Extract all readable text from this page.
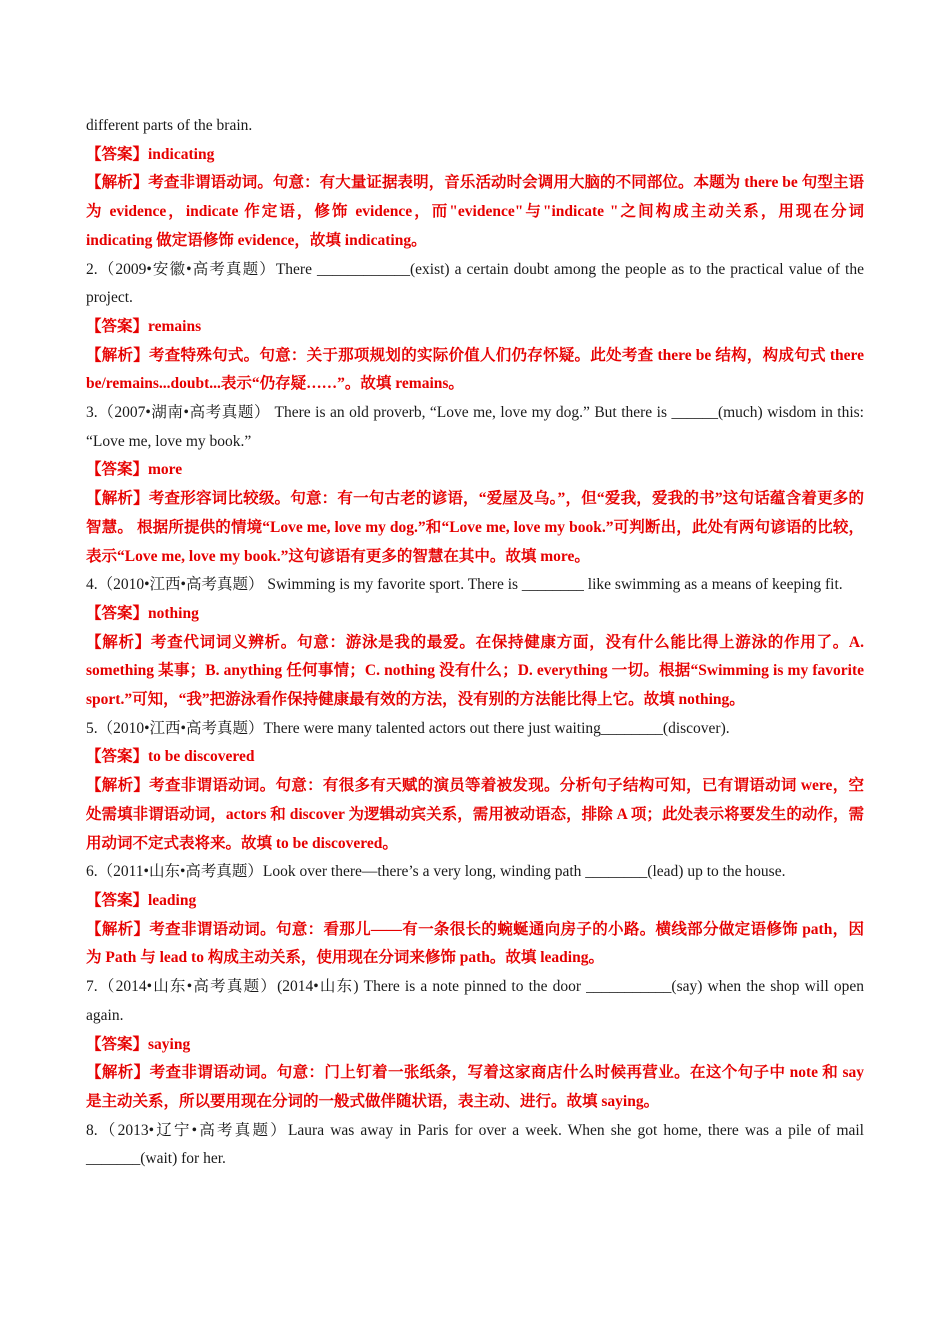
different parts of the brain.

【答案】indicating

【解析】考查非谓语动词。句意：有大量证据表明，音乐活动时会调用大脑的不同部位。本题为 there be 句型主语为 evidence，indicate 作定语，修饰 evidence，而"evidence"与"indicate "之间构成主动关系，用现在分词 indicating 做定语修饰 evidence，故填 indicating。

2.（2009•安徽•高考真题）There ____________(exist) a certain doubt among the people as to the practical value of the project.

【答案】remains

【解析】考查特殊句式。句意：关于那项规划的实际价值人们仍存怀疑。此处考查 there be 结构，构成句式 there be/remains...doubt...表示“仍存疑……”。故填 remains。

3.（2007•湖南•高考真题） There is an old proverb, “Love me, love my dog.” But there is ______(much) wisdom in this: “Love me, love my book.”

【答案】more

【解析】考查形容词比较级。句意：有一句古老的谚语，“爱屋及乌。”，但“爱我，爱我的书”这句话蕴含着更多的智慧。 根据所提供的情境“Love me, love my dog.”和“Love me, love my book.”可判断出，此处有两句谚语的比较，表示“Love me, love my book.”这句谚语有更多的智慧在其中。故填 more。

4.（2010•江西•高考真题） Swimming is my favorite sport. There is ________ like swimming as a means of keeping fit.

【答案】nothing

【解析】考查代词词义辨析。句意：游泳是我的最爱。在保持健康方面，没有什么能比得上游泳的作用了。A. something 某事；B. anything 任何事情；C. nothing 没有什么；D. everything 一切。根据“Swimming is my favorite sport.”可知，“我”把游泳看作保持健康最有效的方法，没有别的方法能比得上它。故填 nothing。

5.（2010•江西•高考真题）There were many talented actors out there just waiting________(discover).

【答案】to be discovered

【解析】考查非谓语动词。句意：有很多有天赋的演员等着被发现。分析句子结构可知，已有谓语动词 were，空处需填非谓语动词，actors 和 discover 为逻辑动宾关系，需用被动语态，排除 A 项；此处表示将要发生的动作，需用动词不定式表将来。故填 to be discovered。

6.（2011•山东•高考真题）Look over there—there’s a very long, winding path ________(lead) up to the house.

【答案】leading

【解析】考查非谓语动词。句意：看那儿——有一条很长的蜿蜒通向房子的小路。横线部分做定语修饰 path，因为 Path 与 lead to 构成主动关系，使用现在分词来修饰 path。故填 leading。

7.（2014•山东•高考真题）(2014•山东) There is a note pinned to the door ___________(say) when the shop will open again.

【答案】saying

【解析】考查非谓语动词。句意：门上钉着一张纸条，写着这家商店什么时候再营业。在这个句子中 note 和 say 是主动关系，所以要用现在分词的一般式做伴随状语，表主动、进行。故填 saying。

8.（2013•辽宁•高考真题）Laura was away in Paris for over a week. When she got home, there was a pile of mail _______(wait) for her.
